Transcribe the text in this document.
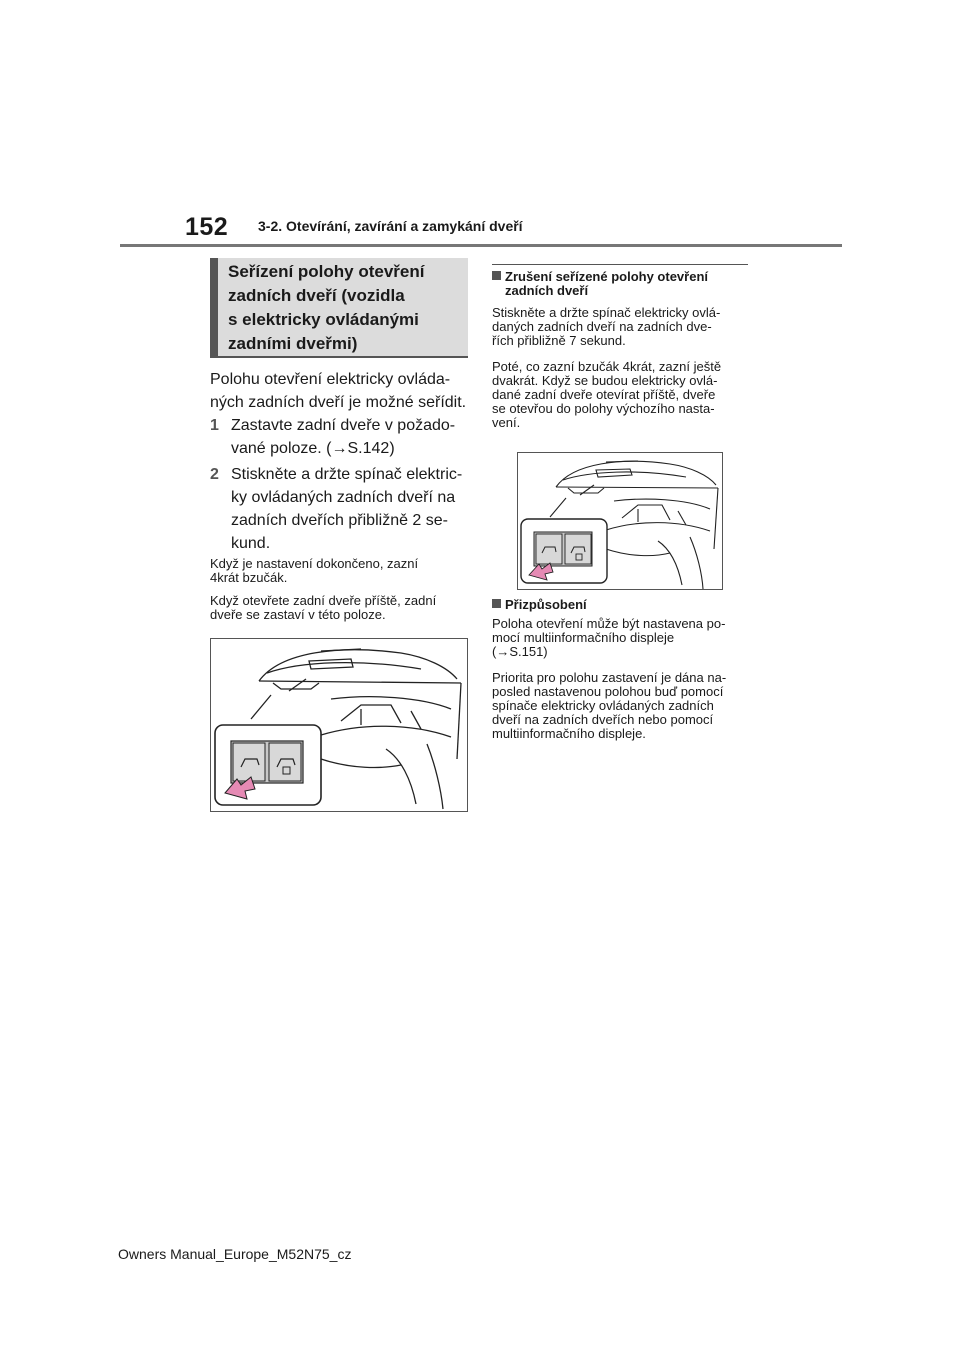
152 3-2. Otevírání, zavírání a zamykání dveří
Seřízení polohy otevření
zadních dveří (vozidla
s elektricky ovládanými
zadními dveřmi)
Polohu otevření elektricky ovláda-
ných zadních dveří je možné seřídit.
1 Zastavte zadní dveře v požado-
vané poloze. (→S.142)
2 Stiskněte a držte spínač elektric-
ky ovládaných zadních dveří na
zadních dveřích přibližně 2 se-
kund.
Když je nastavení dokončeno, zazní
4krát bzučák.
Když otevřete zadní dveře příště, zadní
dveře se zastaví v této poloze.
Zrušení seřízené polohy otevření
zadních dveří
Stiskněte a držte spínač elektricky ovlá-
daných zadních dveří na zadních dve-
řích přibližně 7 sekund.
Poté, co zazní bzučák 4krát, zazní ještě
dvakrát. Když se budou elektricky ovlá-
dané zadní dveře otevírat příště, dveře
se otevřou do polohy výchozího nasta-
vení.
Přizpůsobení
Poloha otevření může být nastavena po-
mocí multiinformačního displeje
(→S.151)
Priorita pro polohu zastavení je dána na-
posled nastavenou polohou buď pomocí
spínače elektricky ovládaných zadních
dveří na zadních dveřích nebo pomocí
multiinformačního displeje.
Owners Manual_Europe_M52N75_cz
